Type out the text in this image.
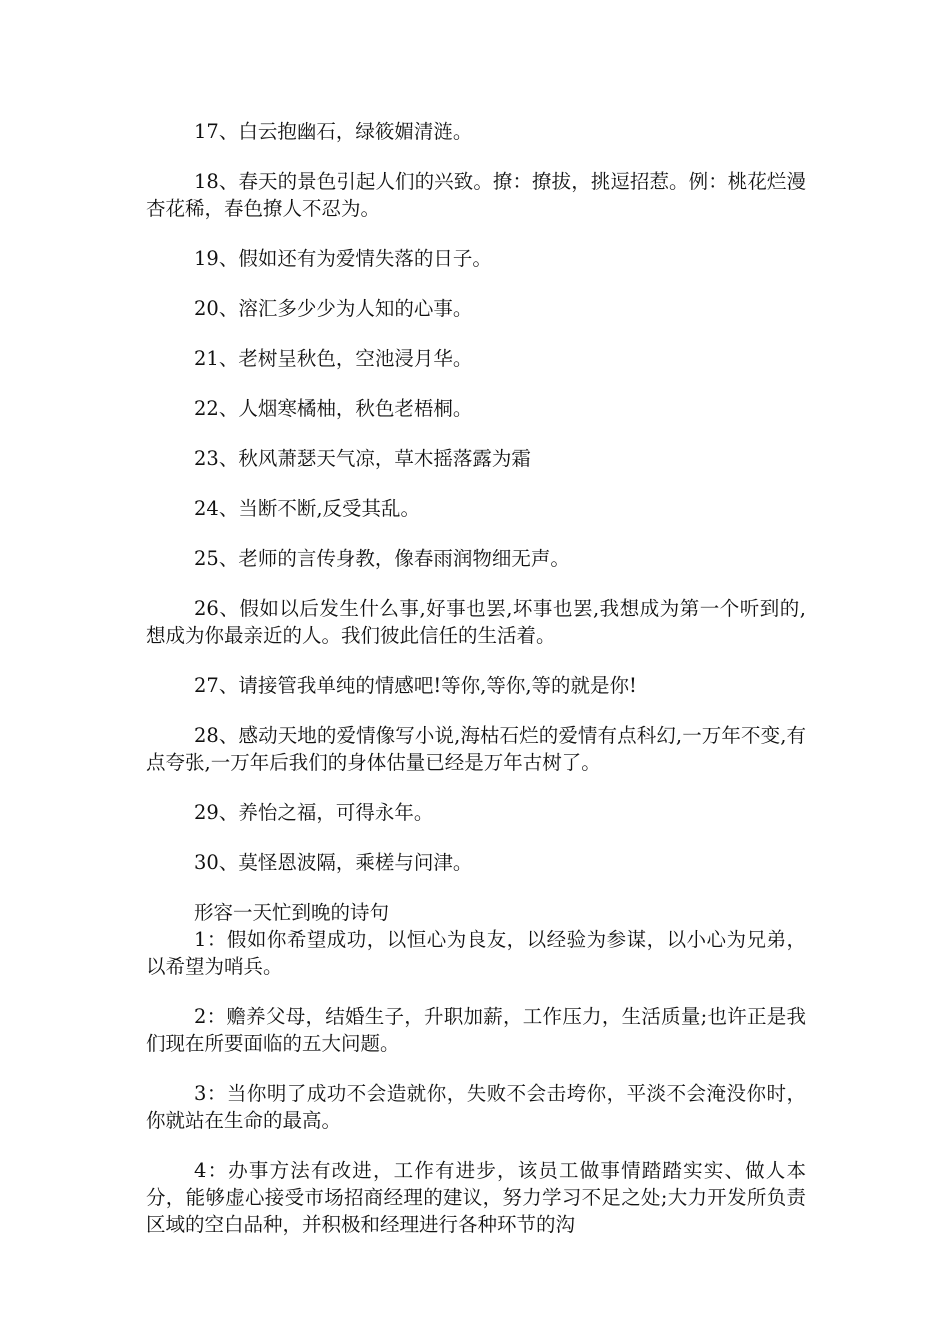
17、白云抱幽石，绿筱媚清涟。

18、春天的景色引起人们的兴致。撩：撩拔，挑逗招惹。例：桃花烂漫杏花稀，春色撩人不忍为。

19、假如还有为爱情失落的日子。

20、溶汇多少少为人知的心事。

21、老树呈秋色，空池浸月华。

22、人烟寒橘柚，秋色老梧桐。

23、秋风萧瑟天气凉，草木摇落露为霜

24、当断不断,反受其乱。

25、老师的言传身教，像春雨润物细无声。

26、假如以后发生什么事,好事也罢,坏事也罢,我想成为第一个听到的,想成为你最亲近的人。我们彼此信任的生活着。

27、请接管我单纯的情感吧!等你,等你,等的就是你!

28、感动天地的爱情像写小说,海枯石烂的爱情有点科幻,一万年不变,有点夸张,一万年后我们的身体估量已经是万年古树了。

29、养怡之福，可得永年。

30、莫怪恩波隔，乘槎与问津。

形容一天忙到晚的诗句

1：假如你希望成功，以恒心为良友，以经验为参谋，以小心为兄弟，以希望为哨兵。

2：赡养父母，结婚生子，升职加薪，工作压力，生活质量;也许正是我们现在所要面临的五大问题。

3：当你明了成功不会造就你，失败不会击垮你，平淡不会淹没你时，你就站在生命的最高。

4：办事方法有改进，工作有进步，该员工做事情踏踏实实、做人本分，能够虚心接受市场招商经理的建议，努力学习不足之处;大力开发所负责区域的空白品种，并积极和经理进行各种环节的沟
